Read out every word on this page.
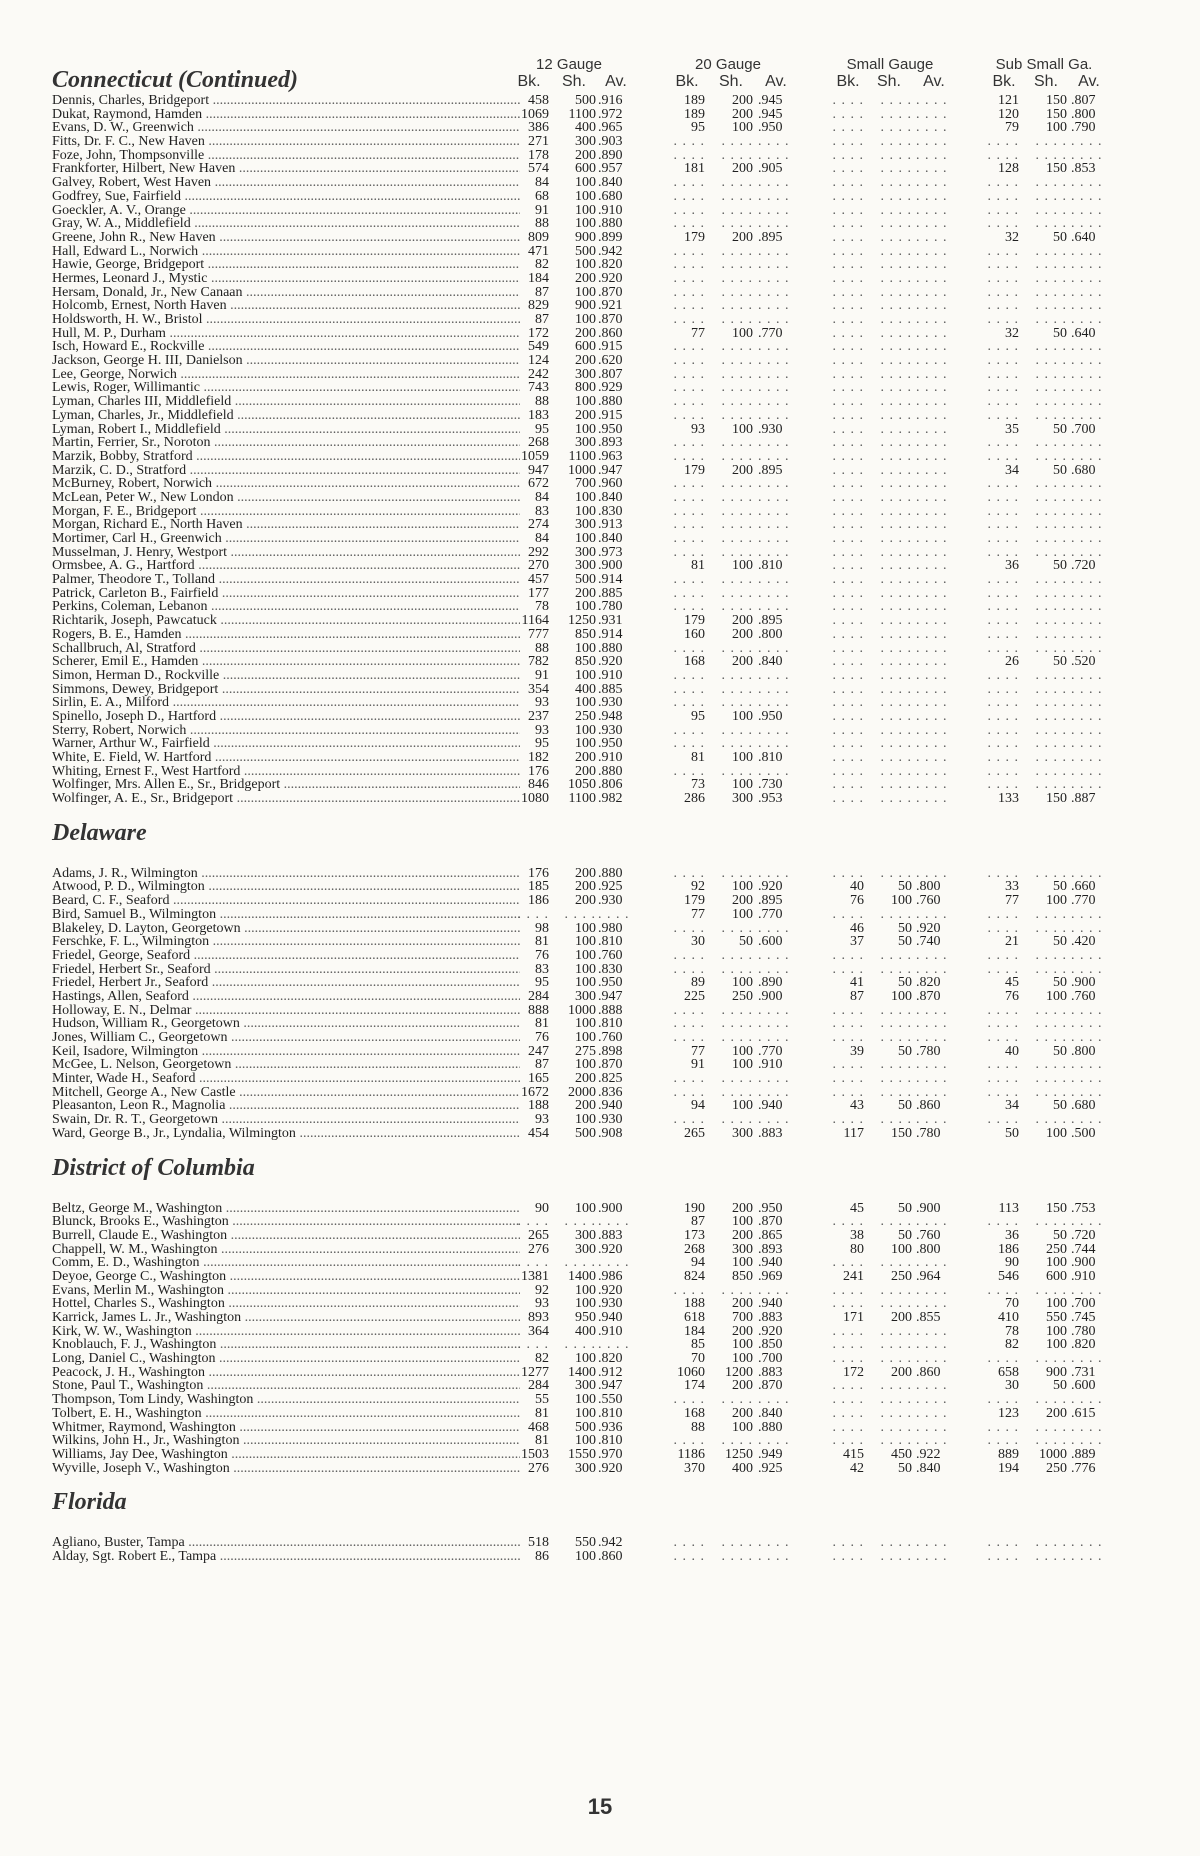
Connecticut (Continued)
12 Gauge
Bk.	Sh.	Av.
20 Gauge
Bk.	Sh.	Av.
Small Gauge
Bk.	Sh.	Av.
Sub Small Ga.
Bk.	Sh.	Av.
Dennis, Charles, Bridgeport .....	458	500 .916	189	200 .945	. . . .	. . . . . . . .	121	150 .807
Dukat, Raymond, Hamden .....	1069	1100 .972	189	200 .945	. . . .	. . . . . . . .	120	150 .800
Evans, D. W., Greenwich .....	386	400 .965	95	100 .950	. . . .	. . . . . . . .	79	100 .790
Fitts, Dr. F. C., New Haven .....	271	300 .903	. . . .	. . . . . . . .	. . . .	. . . . . . . .	. . . .	. . . . . . . .
Foze, John, Thompsonville .....	178	200 .890	. . . .	. . . . . . . .	. . . .	. . . . . . . .	. . . .	. . . . . . . .
Frankforter, Hilbert, New Haven .....	574	600 .957	181	200 .905	. . . .	. . . . . . . .	128	150 .853
Galvey, Robert, West Haven .....	84	100 .840	. . . .	. . . . . . . .	. . . .	. . . . . . . .	. . . .	. . . . . . . .
Godfrey, Sue, Fairfield .....	68	100 .680	. . . .	. . . . . . . .	. . . .	. . . . . . . .	. . . .	. . . . . . . .
Goeckler, A. V., Orange .....	91	100 .910	. . . .	. . . . . . . .	. . . .	. . . . . . . .	. . . .	. . . . . . . .
Gray, W. A., Middlefield .....	88	100 .880	. . . .	. . . . . . . .	. . . .	. . . . . . . .	. . . .	. . . . . . . .
Greene, John R., New Haven .....	809	900 .899	179	200 .895	. . . .	. . . . . . . .	32	50 .640
Hall, Edward L., Norwich .....	471	500 .942	. . . .	. . . . . . . .	. . . .	. . . . . . . .	. . . .	. . . . . . . .
Hawie, George, Bridgeport .....	82	100 .820	. . . .	. . . . . . . .	. . . .	. . . . . . . .	. . . .	. . . . . . . .
Hermes, Leonard J., Mystic .....	184	200 .920	. . . .	. . . . . . . .	. . . .	. . . . . . . .	. . . .	. . . . . . . .
Hersam, Donald, Jr., New Canaan .....	87	100 .870	. . . .	. . . . . . . .	. . . .	. . . . . . . .	. . . .	. . . . . . . .
Holcomb, Ernest, North Haven .....	829	900 .921	. . . .	. . . . . . . .	. . . .	. . . . . . . .	. . . .	. . . . . . . .
Holdsworth, H. W., Bristol .....	87	100 .870	. . . .	. . . . . . . .	. . . .	. . . . . . . .	. . . .	. . . . . . . .
Hull, M. P., Durham .....	172	200 .860	77	100 .770	. . . .	. . . . . . . .	32	50 .640
Isch, Howard E., Rockville .....	549	600 .915	. . . .	. . . . . . . .	. . . .	. . . . . . . .	. . . .	. . . . . . . .
Jackson, George H. III, Danielson .....	124	200 .620	. . . .	. . . . . . . .	. . . .	. . . . . . . .	. . . .	. . . . . . . .
Lee, George, Norwich .....	242	300 .807	. . . .	. . . . . . . .	. . . .	. . . . . . . .	. . . .	. . . . . . . .
Lewis, Roger, Willimantic .....	743	800 .929	. . . .	. . . . . . . .	. . . .	. . . . . . . .	. . . .	. . . . . . . .
Lyman, Charles III, Middlefield .....	88	100 .880	. . . .	. . . . . . . .	. . . .	. . . . . . . .	. . . .	. . . . . . . .
Lyman, Charles, Jr., Middlefield .....	183	200 .915	. . . .	. . . . . . . .	. . . .	. . . . . . . .	. . . .	. . . . . . . .
Lyman, Robert I., Middlefield .....	95	100 .950	93	100 .930	. . . .	. . . . . . . .	35	50 .700
Martin, Ferrier, Sr., Noroton .....	268	300 .893	. . . .	. . . . . . . .	. . . .	. . . . . . . .	. . . .	. . . . . . . .
Marzik, Bobby, Stratford .....	1059	1100 .963	. . . .	. . . . . . . .	. . . .	. . . . . . . .	. . . .	. . . . . . . .
Marzik, C. D., Stratford .....	947	1000 .947	179	200 .895	. . . .	. . . . . . . .	34	50 .680
McBurney, Robert, Norwich .....	672	700 .960	. . . .	. . . . . . . .	. . . .	. . . . . . . .	. . . .	. . . . . . . .
McLean, Peter W., New London .....	84	100 .840	. . . .	. . . . . . . .	. . . .	. . . . . . . .	. . . .	. . . . . . . .
Morgan, F. E., Bridgeport .....	83	100 .830	. . . .	. . . . . . . .	. . . .	. . . . . . . .	. . . .	. . . . . . . .
Morgan, Richard E., North Haven .....	274	300 .913	. . . .	. . . . . . . .	. . . .	. . . . . . . .	. . . .	. . . . . . . .
Mortimer, Carl H., Greenwich .....	84	100 .840	. . . .	. . . . . . . .	. . . .	. . . . . . . .	. . . .	. . . . . . . .
Musselman, J. Henry, Westport .....	292	300 .973	. . . .	. . . . . . . .	. . . .	. . . . . . . .	. . . .	. . . . . . . .
Ormsbee, A. G., Hartford .....	270	300 .900	81	100 .810	. . . .	. . . . . . . .	36	50 .720
Palmer, Theodore T., Tolland .....	457	500 .914	. . . .	. . . . . . . .	. . . .	. . . . . . . .	. . . .	. . . . . . . .
Patrick, Carleton B., Fairfield .....	177	200 .885	. . . .	. . . . . . . .	. . . .	. . . . . . . .	. . . .	. . . . . . . .
Perkins, Coleman, Lebanon .....	78	100 .780	. . . .	. . . . . . . .	. . . .	. . . . . . . .	. . . .	. . . . . . . .
Richtarik, Joseph, Pawcatuck .....	1164	1250 .931	179	200 .895	. . . .	. . . . . . . .	. . . .	. . . . . . . .
Rogers, B. E., Hamden .....	777	850 .914	160	200 .800	. . . .	. . . . . . . .	. . . .	. . . . . . . .
Schallbruch, Al, Stratford .....	88	100 .880	. . . .	. . . . . . . .	. . . .	. . . . . . . .	. . . .	. . . . . . . .
Scherer, Emil E., Hamden .....	782	850 .920	168	200 .840	. . . .	. . . . . . . .	26	50 .520
Simon, Herman D., Rockville .....	91	100 .910	. . . .	. . . . . . . .	. . . .	. . . . . . . .	. . . .	. . . . . . . .
Simmons, Dewey, Bridgeport .....	354	400 .885	. . . .	. . . . . . . .	. . . .	. . . . . . . .	. . . .	. . . . . . . .
Sirlin, E. A., Milford .....	93	100 .930	. . . .	. . . . . . . .	. . . .	. . . . . . . .	. . . .	. . . . . . . .
Spinello, Joseph D., Hartford .....	237	250 .948	95	100 .950	. . . .	. . . . . . . .	. . . .	. . . . . . . .
Sterry, Robert, Norwich .....	93	100 .930	. . . .	. . . . . . . .	. . . .	. . . . . . . .	. . . .	. . . . . . . .
Warner, Arthur W., Fairfield .....	95	100 .950	. . . .	. . . . . . . .	. . . .	. . . . . . . .	. . . .	. . . . . . . .
White, E. Field, W. Hartford .....	182	200 .910	81	100 .810	. . . .	. . . . . . . .	. . . .	. . . . . . . .
Whiting, Ernest F., West Hartford .....	176	200 .880	. . . .	. . . . . . . .	. . . .	. . . . . . . .	. . . .	. . . . . . . .
Wolfinger, Mrs. Allen E., Sr., Bridgeport .....	846	1050 .806	73	100 .730	. . . .	. . . . . . . .	. . . .	. . . . . . . .
Wolfinger, A. E., Sr., Bridgeport .....	1080	1100 .982	286	300 .953	. . . .	. . . . . . . .	133	150 .887
Delaware
Adams, J. R., Wilmington .....	176	200 .880	. . . .	. . . . . . . .	. . . .	. . . . . . . .	. . . .	. . . . . . . .
Atwood, P. D., Wilmington .....	185	200 .925	92	100 .920	40	50 .800	33	50 .660
Beard, C. F., Seaford .....	186	200 .930	179	200 .895	76	100 .760	77	100 .770
Bird, Samuel B., Wilmington .....	. . . .	. . . . . . . .	77	100 .770	. . . .	. . . . . . . .	. . . .	. . . . . . . .
Blakeley, D. Layton, Georgetown .....	98	100 .980	. . . .	. . . . . . . .	46	50 .920	. . . .	. . . . . . . .
Ferschke, F. L., Wilmington .....	81	100 .810	30	50 .600	37	50 .740	21	50 .420
Friedel, George, Seaford .....	76	100 .760	. . . .	. . . . . . . .	. . . .	. . . . . . . .	. . . .	. . . . . . . .
Friedel, Herbert Sr., Seaford .....	83	100 .830	. . . .	. . . . . . . .	. . . .	. . . . . . . .	. . . .	. . . . . . . .
Friedel, Herbert Jr., Seaford .....	95	100 .950	89	100 .890	41	50 .820	45	50 .900
Hastings, Allen, Seaford .....	284	300 .947	225	250 .900	87	100 .870	76	100 .760
Holloway, E. N., Delmar .....	888	1000 .888	. . . .	. . . . . . . .	. . . .	. . . . . . . .	. . . .	. . . . . . . .
Hudson, William R., Georgetown .....	81	100 .810	. . . .	. . . . . . . .	. . . .	. . . . . . . .	. . . .	. . . . . . . .
Jones, William C., Georgetown .....	76	100 .760	. . . .	. . . . . . . .	. . . .	. . . . . . . .	. . . .	. . . . . . . .
Keil, Isadore, Wilmington .....	247	275 .898	77	100 .770	39	50 .780	40	50 .800
McGee, L. Nelson, Georgetown .....	87	100 .870	91	100 .910	. . . .	. . . . . . . .	. . . .	. . . . . . . .
Minter, Wade H., Seaford .....	165	200 .825	. . . .	. . . . . . . .	. . . .	. . . . . . . .	. . . .	. . . . . . . .
Mitchell, George A., New Castle .....	1672	2000 .836	. . . .	. . . . . . . .	. . . .	. . . . . . . .	. . . .	. . . . . . . .
Pleasanton, Leon R., Magnolia .....	188	200 .940	94	100 .940	43	50 .860	34	50 .680
Swain, Dr. R. T., Georgetown .....	93	100 .930	. . . .	. . . . . . . .	. . . .	. . . . . . . .	. . . .	. . . . . . . .
Ward, George B., Jr., Lyndalia, Wilmington .....	454	500 .908	265	300 .883	117	150 .780	50	100 .500
District of Columbia
Beltz, George M., Washington .....	90	100 .900	190	200 .950	45	50 .900	113	150 .753
Blunck, Brooks E., Washington .....	. . . .	. . . . . . . .	87	100 .870	. . . .	. . . . . . . .	. . . .	. . . . . . . .
Burrell, Claude E., Washington .....	265	300 .883	173	200 .865	38	50 .760	36	50 .720
Chappell, W. M., Washington .....	276	300 .920	268	300 .893	80	100 .800	186	250 .744
Comm, E. D., Washington .....	. . . .	. . . . . . . .	94	100 .940	. . . .	. . . . . . . .	90	100 .900
Deyoe, George C., Washington .....	1381	1400 .986	824	850 .969	241	250 .964	546	600 .910
Evans, Merlin M., Washington .....	92	100 .920	. . . .	. . . . . . . .	. . . .	. . . . . . . .	. . . .	. . . . . . . .
Hottel, Charles S., Washington .....	93	100 .930	188	200 .940	. . . .	. . . . . . . .	70	100 .700
Karrick, James L. Jr., Washington .....	893	950 .940	618	700 .883	171	200 .855	410	550 .745
Kirk, W. W., Washington .....	364	400 .910	184	200 .920	. . . .	. . . . . . . .	78	100 .780
Knoblauch, F. J., Washington .....	. . . .	. . . . . . . .	85	100 .850	. . . .	. . . . . . . .	82	100 .820
Long, Daniel C., Washington .....	82	100 .820	70	100 .700	. . . .	. . . . . . . .	. . . .	. . . . . . . .
Peacock, J. H., Washington .....	1277	1400 .912	1060	1200 .883	172	200 .860	658	900 .731
Stone, Paul T., Washington .....	284	300 .947	174	200 .870	. . . .	. . . . . . . .	30	50 .600
Thompson, Tom Lindy, Washington .....	55	100 .550	. . . .	. . . . . . . .	. . . .	. . . . . . . .	. . . .	. . . . . . . .
Tolbert, E. H., Washington .....	81	100 .810	168	200 .840	. . . .	. . . . . . . .	123	200 .615
Whitmer, Raymond, Washington .....	468	500 .936	88	100 .880	. . . .	. . . . . . . .	. . . .	. . . . . . . .
Wilkins, John H., Jr., Washington .....	81	100 .810	. . . .	. . . . . . . .	. . . .	. . . . . . . .	. . . .	. . . . . . . .
Williams, Jay Dee, Washington .....	1503	1550 .970	1186	1250 .949	415	450 .922	889	1000 .889
Wyville, Joseph V., Washington .....	276	300 .920	370	400 .925	42	50 .840	194	250 .776
Florida
Agliano, Buster, Tampa .....	518	550 .942	. . . .	. . . . . . . .	. . . .	. . . . . . . .	. . . .	. . . . . . . .
Alday, Sgt. Robert E., Tampa .....	86	100 .860	. . . .	. . . . . . . .	. . . .	. . . . . . . .	. . . .	. . . . . . . .
15
